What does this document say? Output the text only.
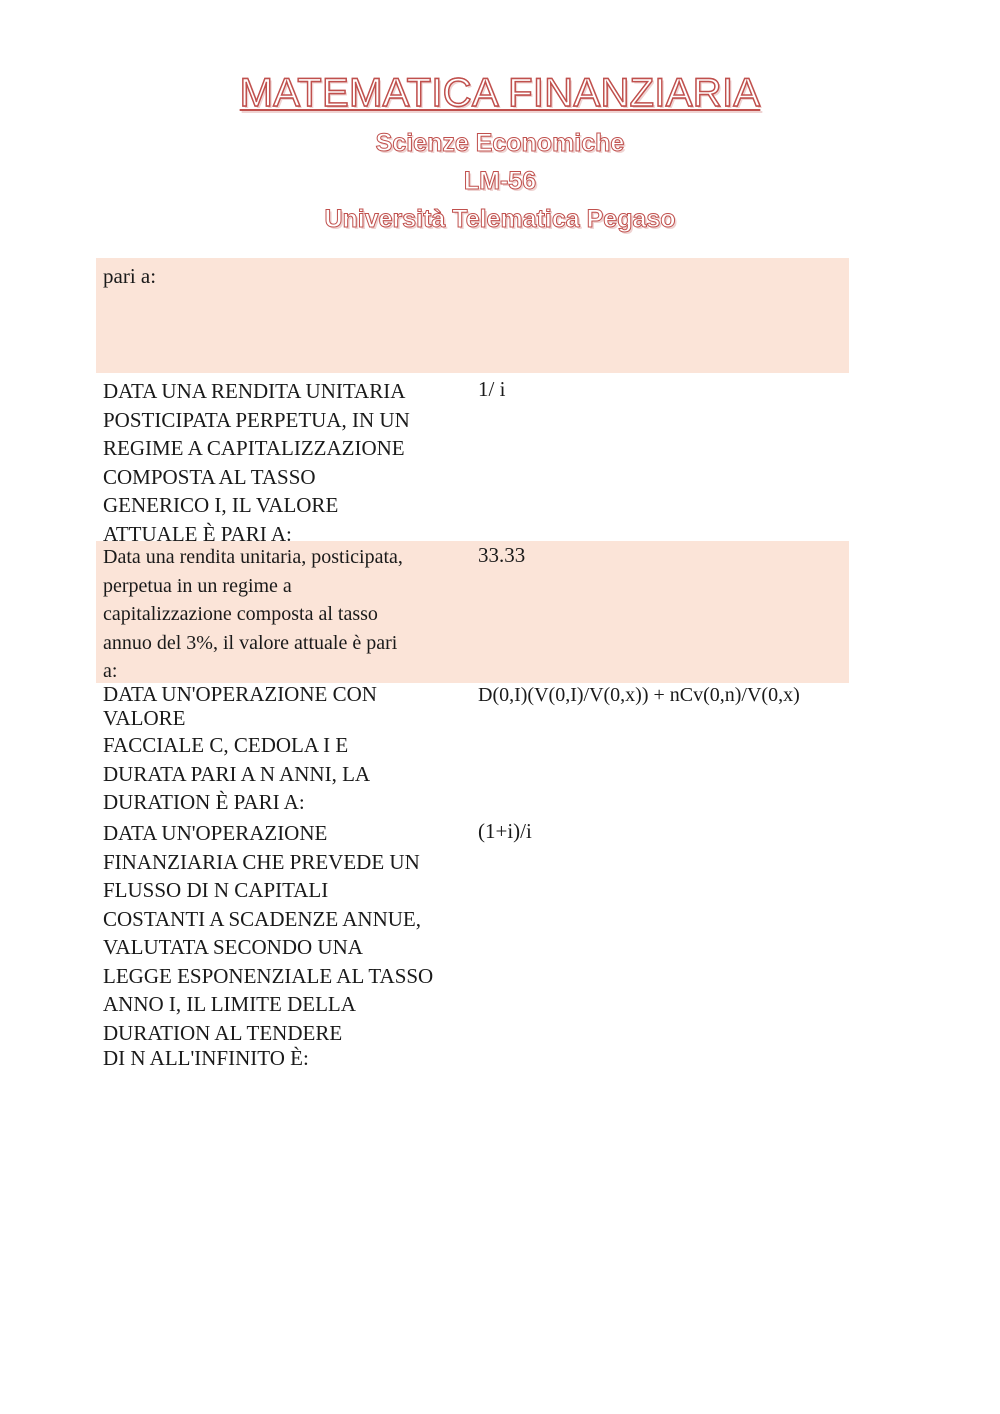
MATEMATICA FINANZIARIA
Scienze Economiche
LM-56
Università Telematica Pegaso
pari a:
DATA UNA RENDITA UNITARIA
POSTICIPATA PERPETUA, IN UN
REGIME A CAPITALIZZAZIONE
COMPOSTA AL TASSO
GENERICO I, IL VALORE
ATTUALE È PARI A:
1/ i
Data una rendita unitaria, posticipata,
perpetua in un regime a
capitalizzazione composta al tasso
annuo del 3%, il valore attuale è pari
a:
33.33
DATA UN'OPERAZIONE CON
VALORE
FACCIALE C, CEDOLA I E
DURATA PARI A N ANNI, LA
DURATION È PARI A:
D(0,I)(V(0,I)/V(0,x)) + nCv(0,n)/V(0,x)
DATA UN'OPERAZIONE
FINANZIARIA CHE PREVEDE UN
FLUSSO DI N CAPITALI
COSTANTI A SCADENZE ANNUE,
VALUTATA SECONDO UNA
LEGGE ESPONENZIALE AL TASSO
ANNO I, IL LIMITE DELLA
DURATION AL TENDERE
DI N ALL'INFINITO È:
(1+i)/i
